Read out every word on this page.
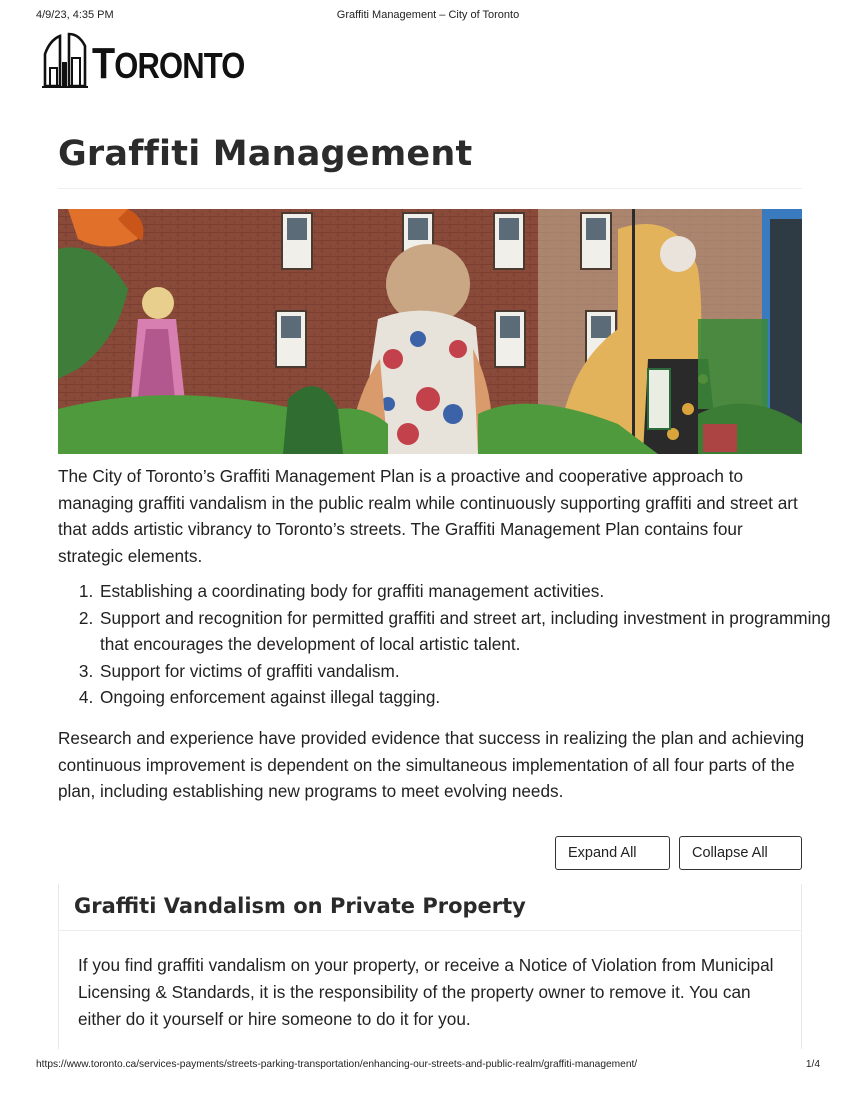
4/9/23, 4:35 PM	Graffiti Management – City of Toronto
TORONTO
Graffiti Management

The City of Toronto’s Graffiti Management Plan is a proactive and cooperative approach to managing graffiti vandalism in the public realm while continuously supporting graffiti and street art that adds artistic vibrancy to Toronto’s streets. The Graffiti Management Plan contains four strategic elements.

1. Establishing a coordinating body for graffiti management activities.
2. Support and recognition for permitted graffiti and street art, including investment in programming that encourages the development of local artistic talent.
3. Support for victims of graffiti vandalism.
4. Ongoing enforcement against illegal tagging.

Research and experience have provided evidence that success in realizing the plan and achieving continuous improvement is dependent on the simultaneous implementation of all four parts of the plan, including establishing new programs to meet evolving needs.

Expand All	Collapse All
Graffiti Vandalism on Private Property

If you find graffiti vandalism on your property, or receive a Notice of Violation from Municipal Licensing & Standards, it is the responsibility of the property owner to remove it. You can either do it yourself or hire someone to do it for you.

https://www.toronto.ca/services-payments/streets-parking-transportation/enhancing-our-streets-and-public-realm/graffiti-management/	1/4
